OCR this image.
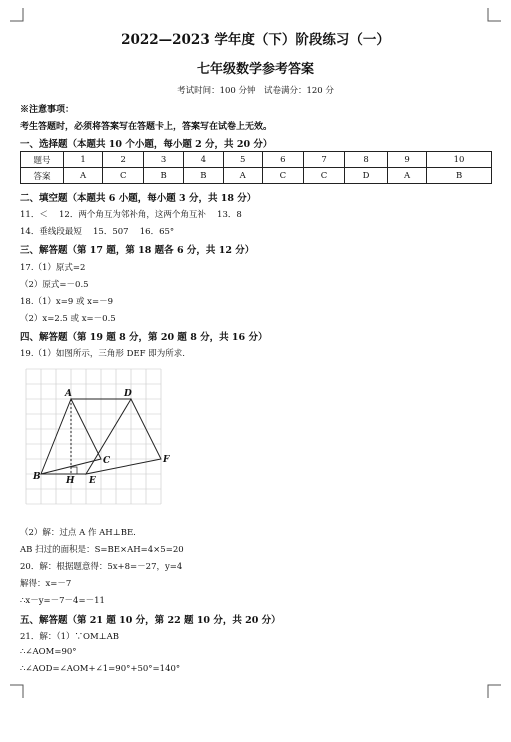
2022—2023 学年度（下）阶段练习（一）
七年级数学参考答案
考试时间：100 分钟　试卷满分：120 分
※注意事项：
考生答题时，必须将答案写在答题卡上，答案写在试卷上无效。
一、选择题（本题共 10 个小题，每小题 2 分，共 20 分）
题号	1	2	3	4	5	6	7	8	9	10
答案	A	C	B	B	A	C	C	D	A	B
二、填空题（本题共 6 小题，每小题 3 分，共 18 分）
11．＜　 12．两个角互为邻补角，这两个角互补　 13．8
14．垂线段最短　 15．507　 16．65°
三、解答题（第 17 题，第 18 题各 6 分，共 12 分）
17.（1）原式=2
（2）原式=－0.5
18.（1）x=9 或 x=－9
（2）x=2.5 或 x=－0.5
四、解答题（第 19 题 8 分，第 20 题 8 分，共 16 分）
19.（1）如图所示，三角形 DEF 即为所求.
A	D
B
C	F
H E
（2）解：过点 A 作 AH⊥BE.
AB 扫过的面积是：S=BE×AH=4×5=20
20．解：根据题意得：5x+8=－27，y=4
解得：x=－7
∴x－y=－7－4=－11
五、解答题（第 21 题 10 分，第 22 题 10 分，共 20 分）
21．解：（1）∵OM⊥AB
∴∠AOM=90°
∴∠AOD=∠AOM+∠1=90°+50°=140°
